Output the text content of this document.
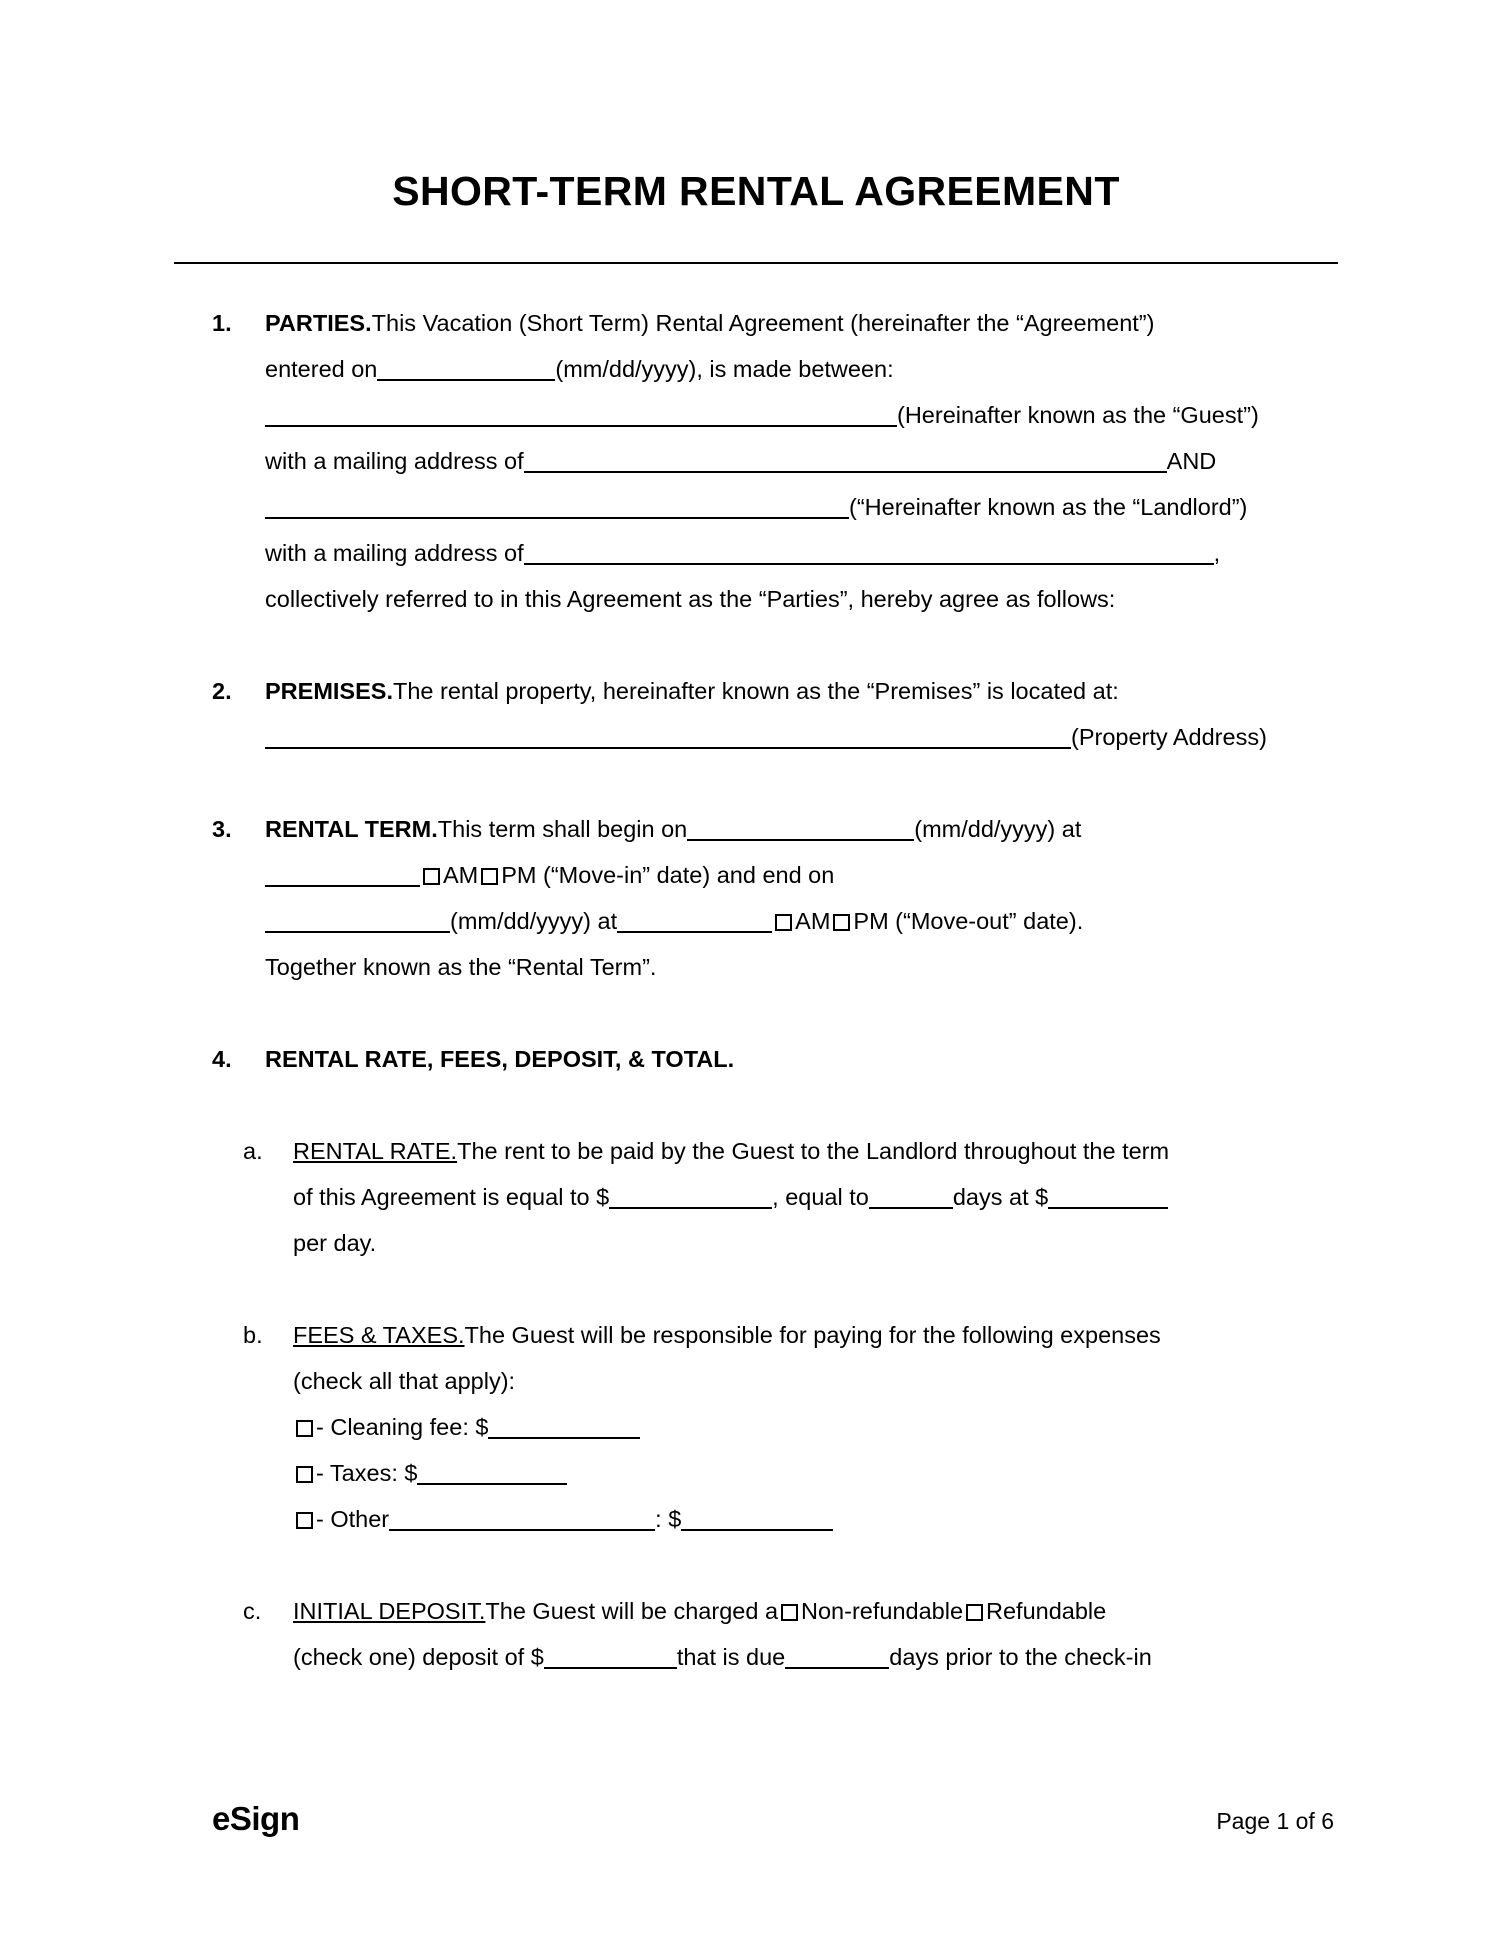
SHORT-TERM RENTAL AGREEMENT
1.	PARTIES.This Vacation (Short Term) Rental Agreement (hereinafter the “Agreement”)
entered on	(mm/dd/yyyy), is made between:
(Hereinafter known as the “Guest”)
with a mailing address of	AND
(“Hereinafter known as the “Landlord”)
with a mailing address of	,
collectively referred to in this Agreement as the “Parties”, hereby agree as follows:
2.	PREMISES.The rental property, hereinafter known as the “Premises” is located at:
(Property Address)
3.	RENTAL TERM.This term shall begin on	(mm/dd/yyyy) at
AMPM (“Move-in” date) and end on
(mm/dd/yyyy) at	AMPM (“Move-out” date).
Together known as the “Rental Term”.
4.	RENTAL RATE, FEES, DEPOSIT, & TOTAL.
a.	RENTAL RATE.The rent to be paid by the Guest to the Landlord throughout the term
of this Agreement is equal to $	, equal to	days at $
per day.
b.	FEES & TAXES.The Guest will be responsible for paying for the following expenses
(check all that apply):
- Cleaning fee: $
- Taxes: $
- Other	: $
c.	INITIAL DEPOSIT.The Guest will be charged aNon-refundableRefundable
(check one) deposit of $	that is due	days prior to the check-in
eSign	Page 1 of 6
